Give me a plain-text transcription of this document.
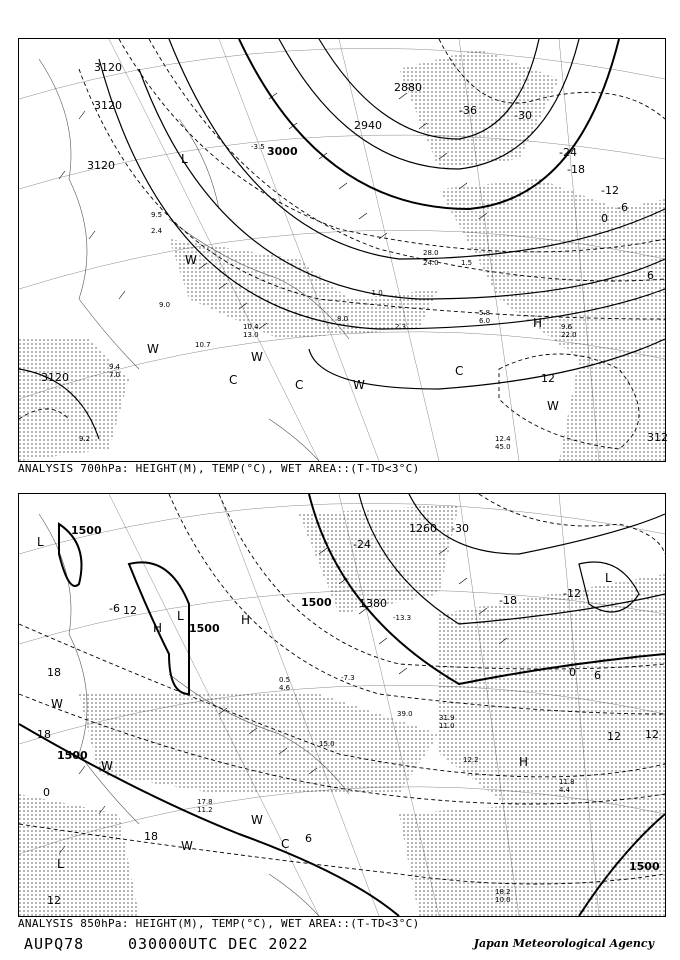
3120
3120
3120
3000
2940
2880
3120
312
-36	-30
-24
-18
-12
-6
0
6
12
L
H
W
C	C
W
W
C
W
W
-3.5
9.5
2.4
9.0
10.4
13.0
10.7
9.2
9.4
7.0
9.6
22.0
12.4
45.0
8.0
2.3
5.8
6.0
-1.0
24.0
28.0
1.5
ANALYSIS 700hPa: HEIGHT(M), TEMP(°C), WET AREA::(T-TD<3°C)
1500
1500
1500
1500
1380
1260
1500
-30
-24
-18
-12
-6
0 6
12
18
18
18
12
12
0
6
12
L
H
L
H
L
W
W
W
C
W
H
L
11.8
4.4
18.2
10.0
17.8
11.2
0.5
4.6
39.0	31.9
11.0
15.0
-13.3
-7.3
12.2
ANALYSIS 850hPa: HEIGHT(M), TEMP(°C), WET AREA::(T-TD<3°C)
AUPQ78	030000UTC DEC 2022	Japan Meteorological Agency
